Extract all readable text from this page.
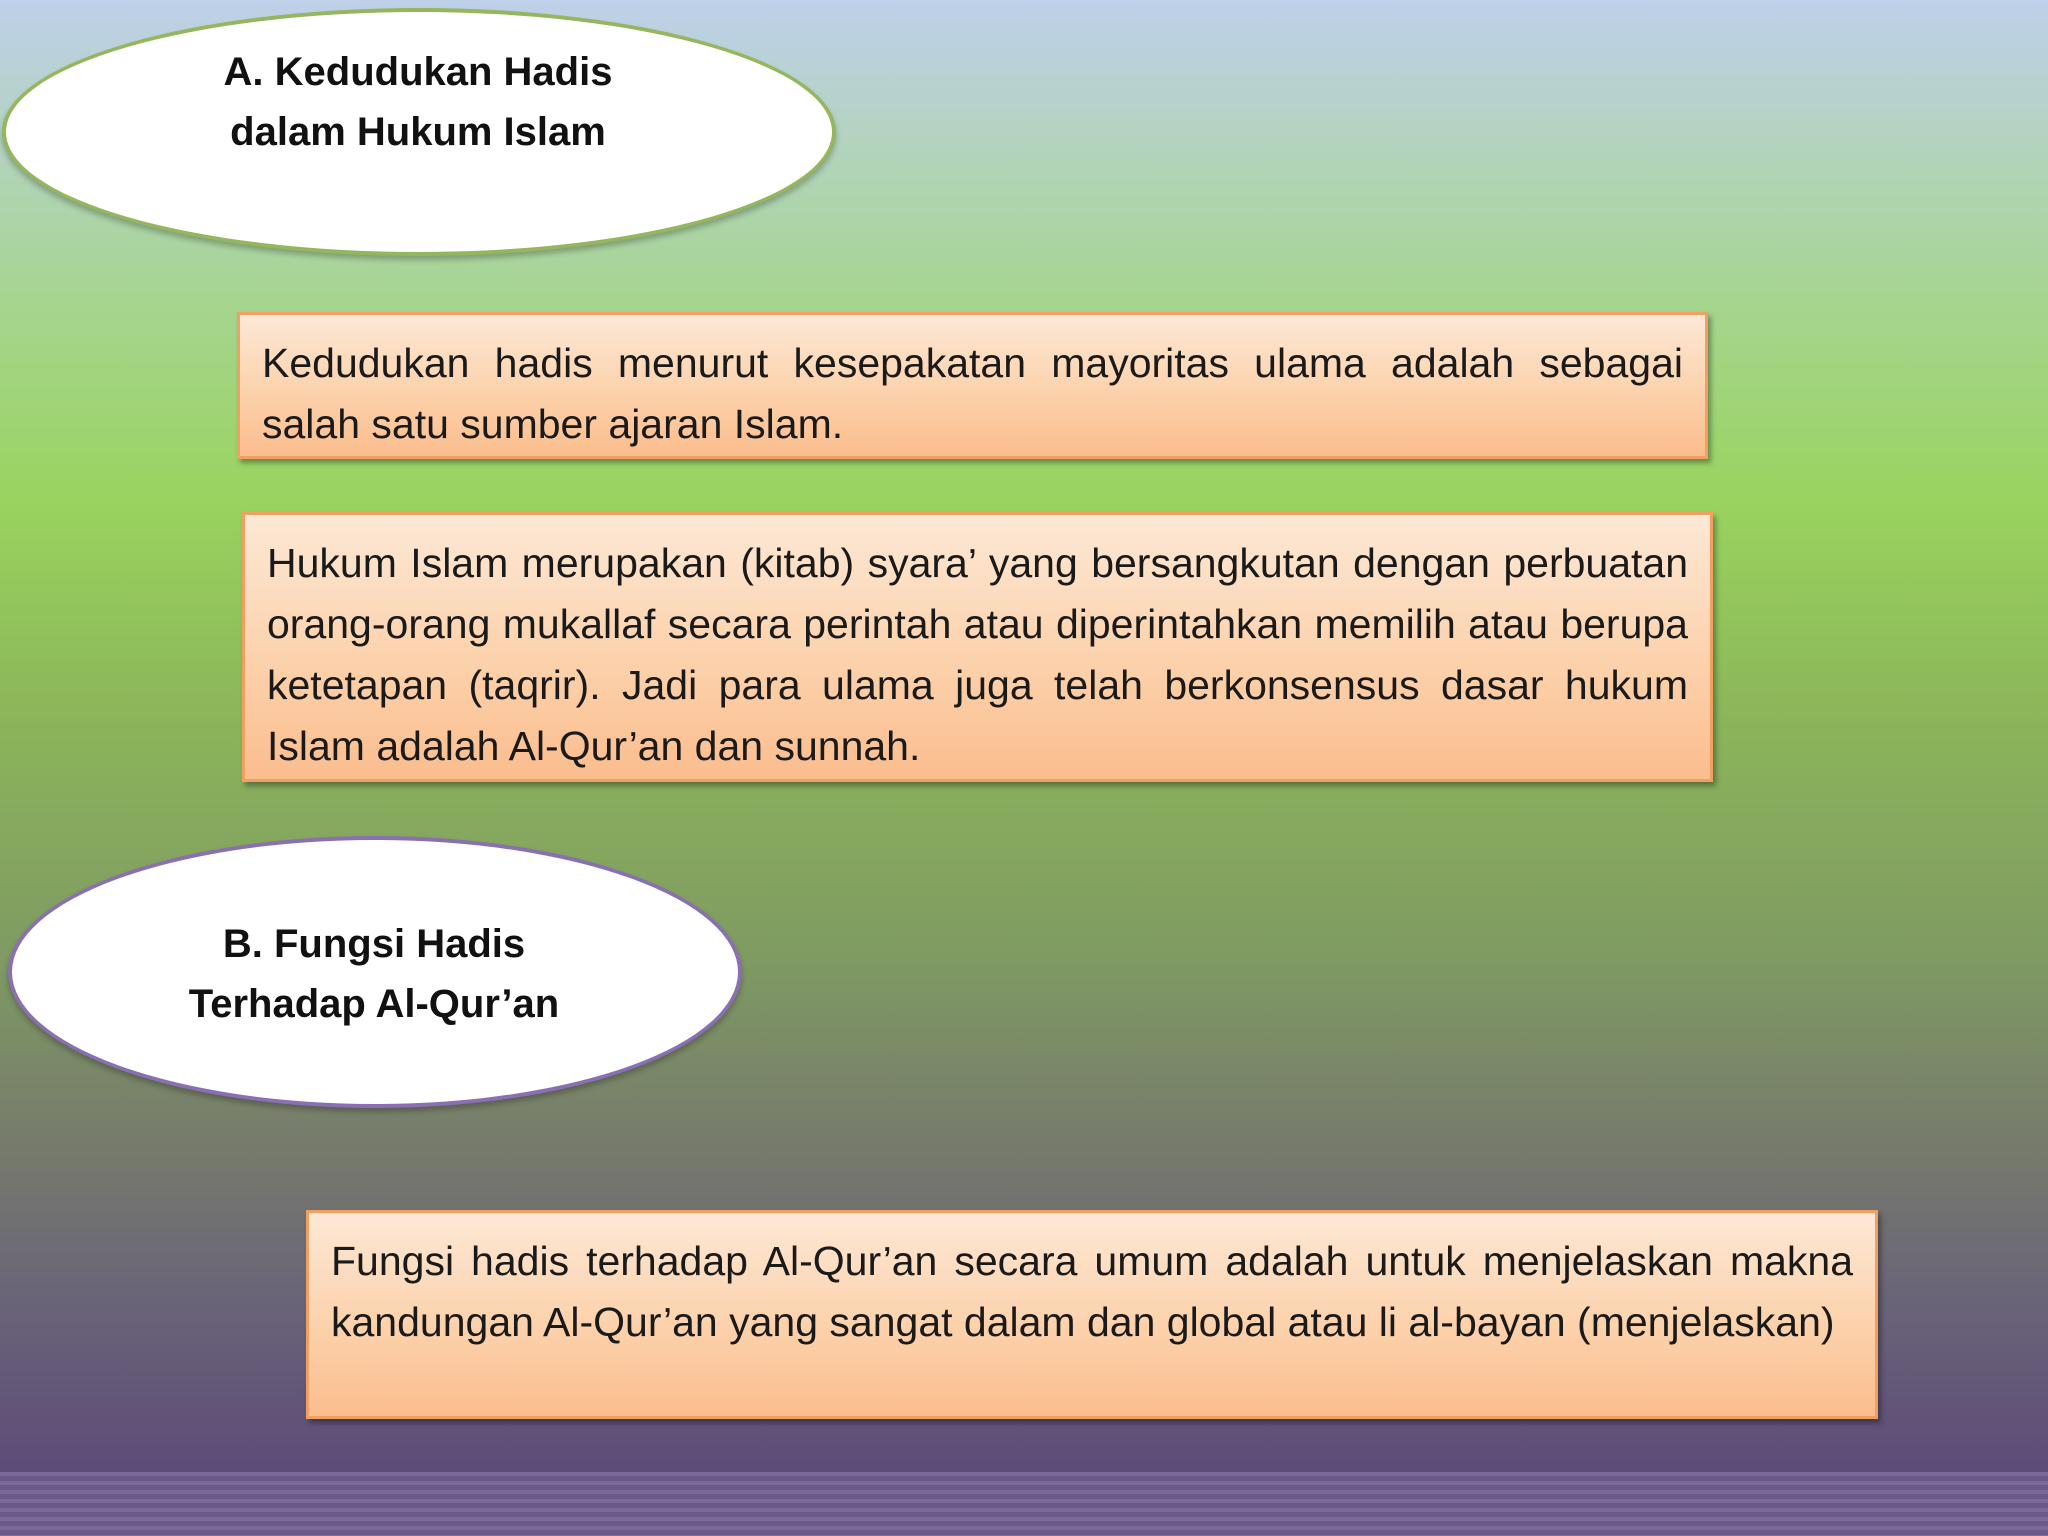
A. Kedudukan Hadis
dalam Hukum Islam
Kedudukan hadis menurut kesepakatan mayoritas ulama adalah sebagai salah satu sumber ajaran Islam.
Hukum Islam merupakan (kitab) syara’ yang bersangkutan dengan perbuatan orang-orang mukallaf secara perintah atau diperintahkan memilih atau berupa ketetapan (taqrir). Jadi para ulama juga telah berkonsensus dasar hukum Islam adalah Al-Qur’an dan sunnah.
B. Fungsi Hadis
Terhadap Al-Qur’an
Fungsi hadis terhadap Al-Qur’an secara umum adalah untuk menjelaskan makna kandungan Al-Qur’an yang sangat dalam dan global atau li al-bayan (menjelaskan)
